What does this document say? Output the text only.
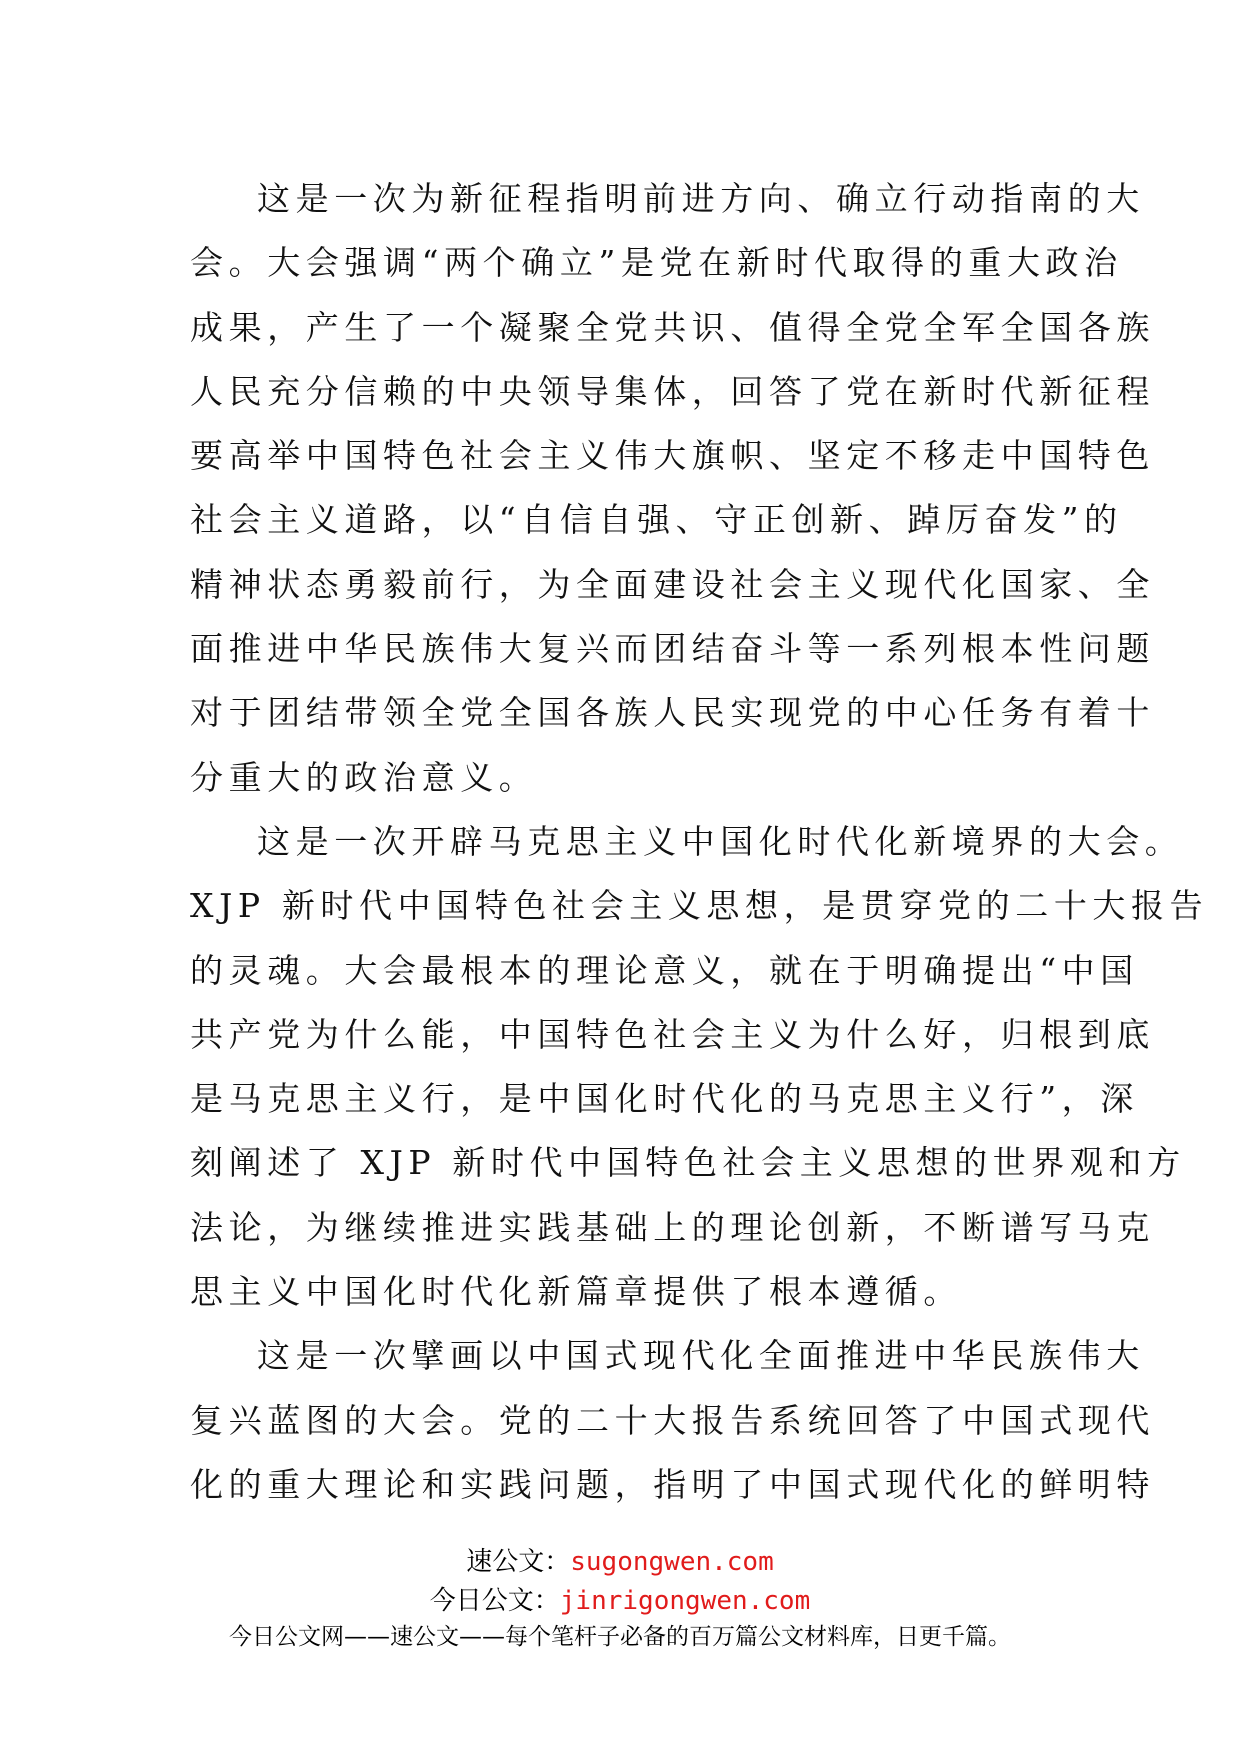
这是一次为新征程指明前进方向、确立行动指南的大
会。大会强调“两个确立”是党在新时代取得的重大政治
成果，产生了一个凝聚全党共识、值得全党全军全国各族
人民充分信赖的中央领导集体，回答了党在新时代新征程
要高举中国特色社会主义伟大旗帜、坚定不移走中国特色
社会主义道路，以“自信自强、守正创新、踔厉奋发”的
精神状态勇毅前行，为全面建设社会主义现代化国家、全
面推进中华民族伟大复兴而团结奋斗等一系列根本性问题
对于团结带领全党全国各族人民实现党的中心任务有着十
分重大的政治意义。
这是一次开辟马克思主义中国化时代化新境界的大会。
XJP 新时代中国特色社会主义思想，是贯穿党的二十大报告
的灵魂。大会最根本的理论意义，就在于明确提出“中国
共产党为什么能，中国特色社会主义为什么好，归根到底
是马克思主义行，是中国化时代化的马克思主义行”，深
刻阐述了 XJP 新时代中国特色社会主义思想的世界观和方
法论，为继续推进实践基础上的理论创新，不断谱写马克
思主义中国化时代化新篇章提供了根本遵循。
这是一次擘画以中国式现代化全面推进中华民族伟大
复兴蓝图的大会。党的二十大报告系统回答了中国式现代
化的重大理论和实践问题，指明了中国式现代化的鲜明特
速公文：sugongwen.com
今日公文：jinrigongwen.com
今日公文网——速公文——每个笔杆子必备的百万篇公文材料库，日更千篇。
